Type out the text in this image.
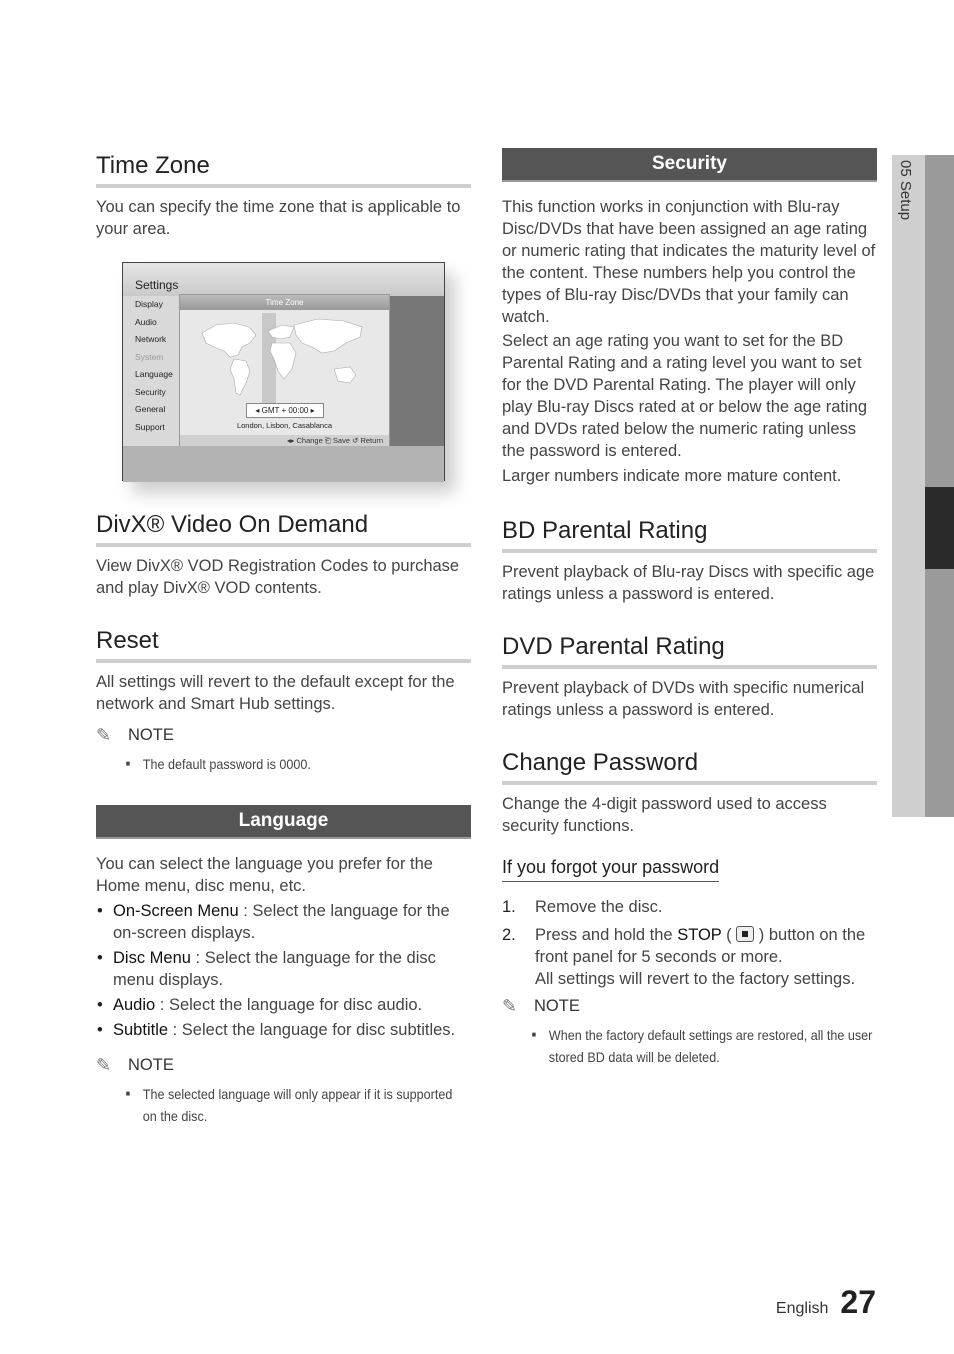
05 Setup
Time Zone

You can specify the time zone that is applicable to your area.

Settings
Display
Audio
Network
System
Language
Security
General
Support
Time Zone
◂ GMT + 00:00 ▸
London, Lisbon, Casablanca
◂▸ Change ⎗ Save ↺ Return
DivX® Video On Demand

View DivX® VOD Registration Codes to purchase and play DivX® VOD contents.

Reset

All settings will revert to the default except for the network and Smart Hub settings.

✎	NOTE
■ The default password is 0000.
Language

You can select the language you prefer for the Home menu, disc menu, etc.

• On-Screen Menu : Select the language for the on-screen displays.
• Disc Menu : Select the language for the disc menu displays.
• Audio : Select the language for disc audio.
• Subtitle : Select the language for disc subtitles.
✎	NOTE
■ The selected language will only appear if it is supported on the disc.
Security

This function works in conjunction with Blu-ray Disc/DVDs that have been assigned an age rating or numeric rating that indicates the maturity level of the content. These numbers help you control the types of Blu-ray Disc/DVDs that your family can watch.

Select an age rating you want to set for the BD Parental Rating and a rating level you want to set for the DVD Parental Rating. The player will only play Blu-ray Discs rated at or below the age rating and DVDs rated below the numeric rating unless the password is entered.

Larger numbers indicate more mature content.

BD Parental Rating

Prevent playback of Blu-ray Discs with specific age ratings unless a password is entered.

DVD Parental Rating

Prevent playback of DVDs with specific numerical ratings unless a password is entered.

Change Password

Change the 4-digit password used to access security functions.

If you forgot your password
1. Remove the disc.
2. Press and hold the STOP (  ) button on the front panel for 5 seconds or more.
All settings will revert to the factory settings.
✎	NOTE
■ When the factory default settings are restored, all the user stored BD data will be deleted.
English 27
